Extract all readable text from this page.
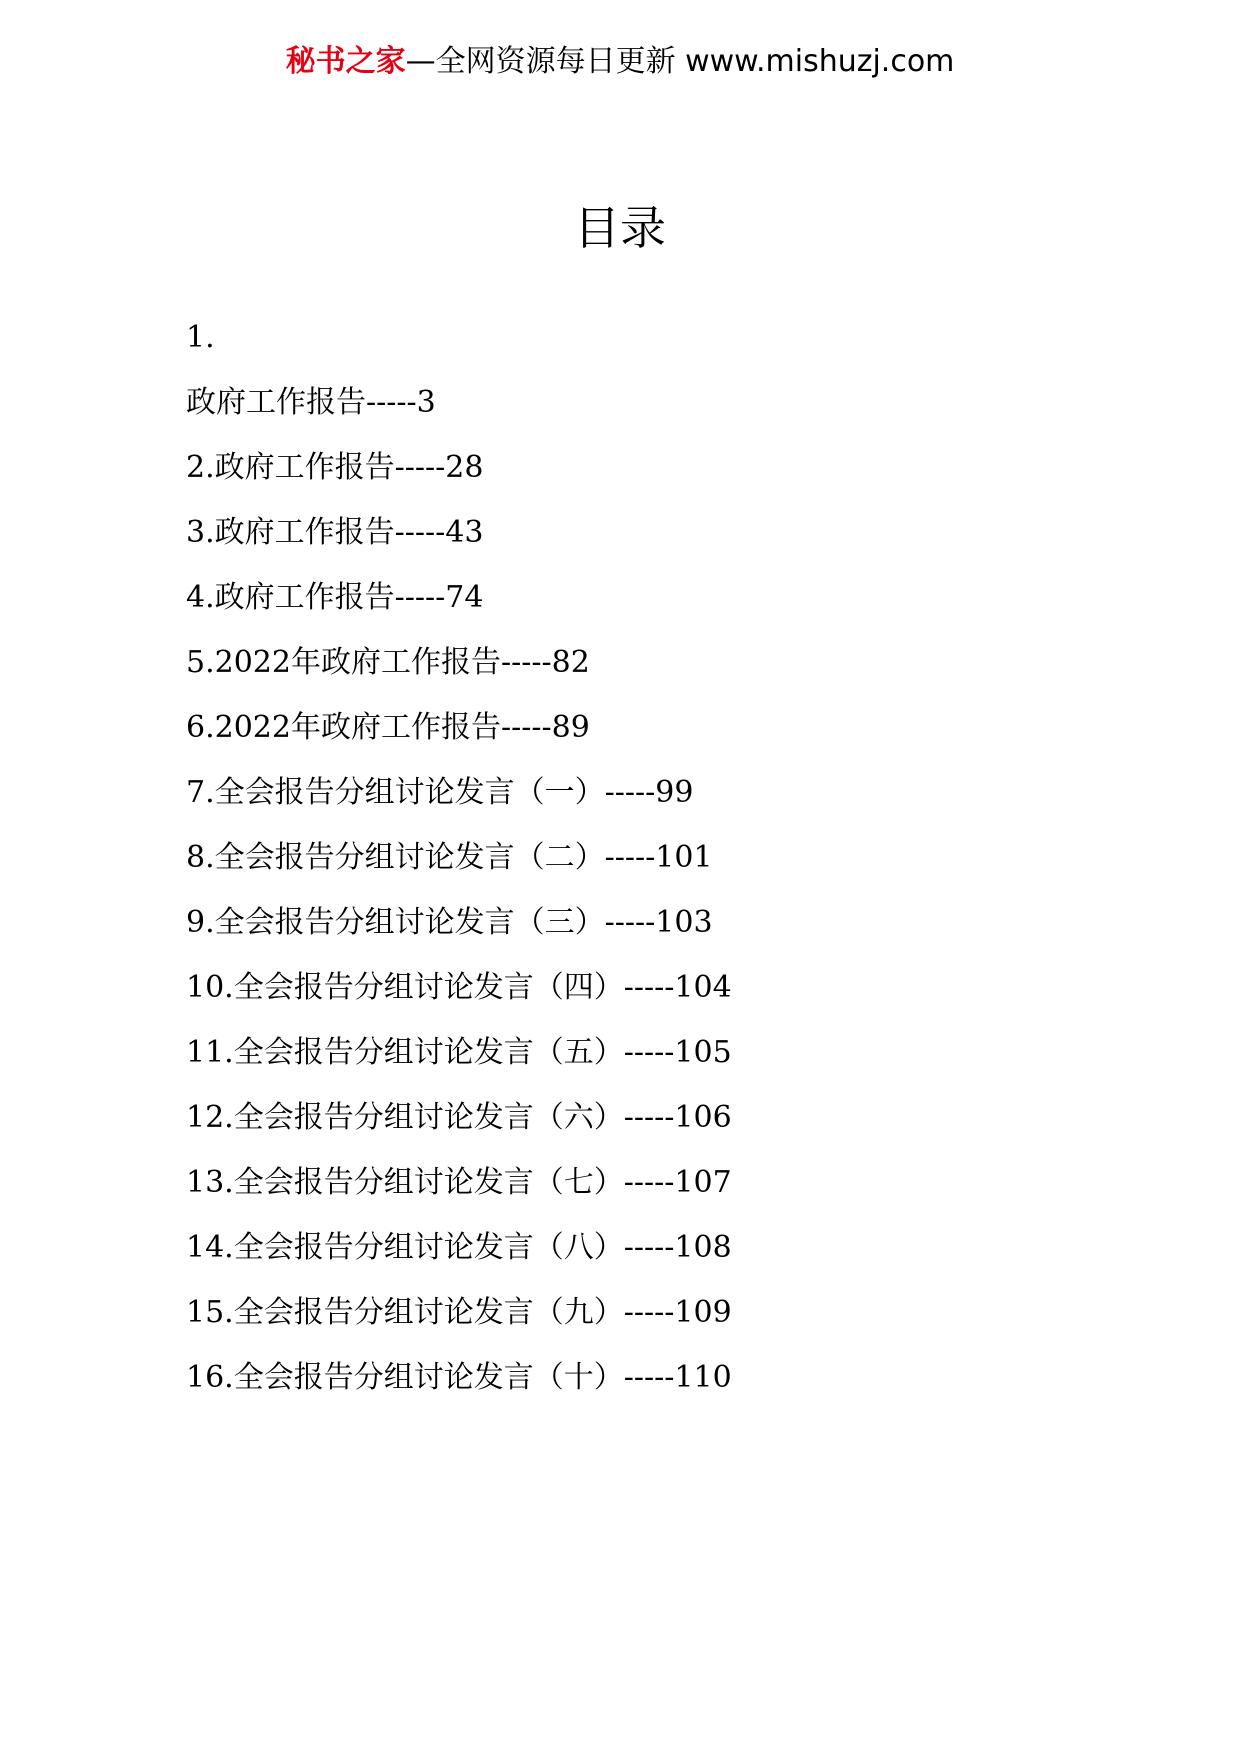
秘书之家—全网资源每日更新 www.mishuzj.com
目录
1.
政府工作报告-----3
2.政府工作报告-----28
3.政府工作报告-----43
4.政府工作报告-----74
5.2022年政府工作报告-----82
6.2022年政府工作报告-----89
7.全会报告分组讨论发言（一）-----99
8.全会报告分组讨论发言（二）-----101
9.全会报告分组讨论发言（三）-----103
10.全会报告分组讨论发言（四）-----104
11.全会报告分组讨论发言（五）-----105
12.全会报告分组讨论发言（六）-----106
13.全会报告分组讨论发言（七）-----107
14.全会报告分组讨论发言（八）-----108
15.全会报告分组讨论发言（九）-----109
16.全会报告分组讨论发言（十）-----110
